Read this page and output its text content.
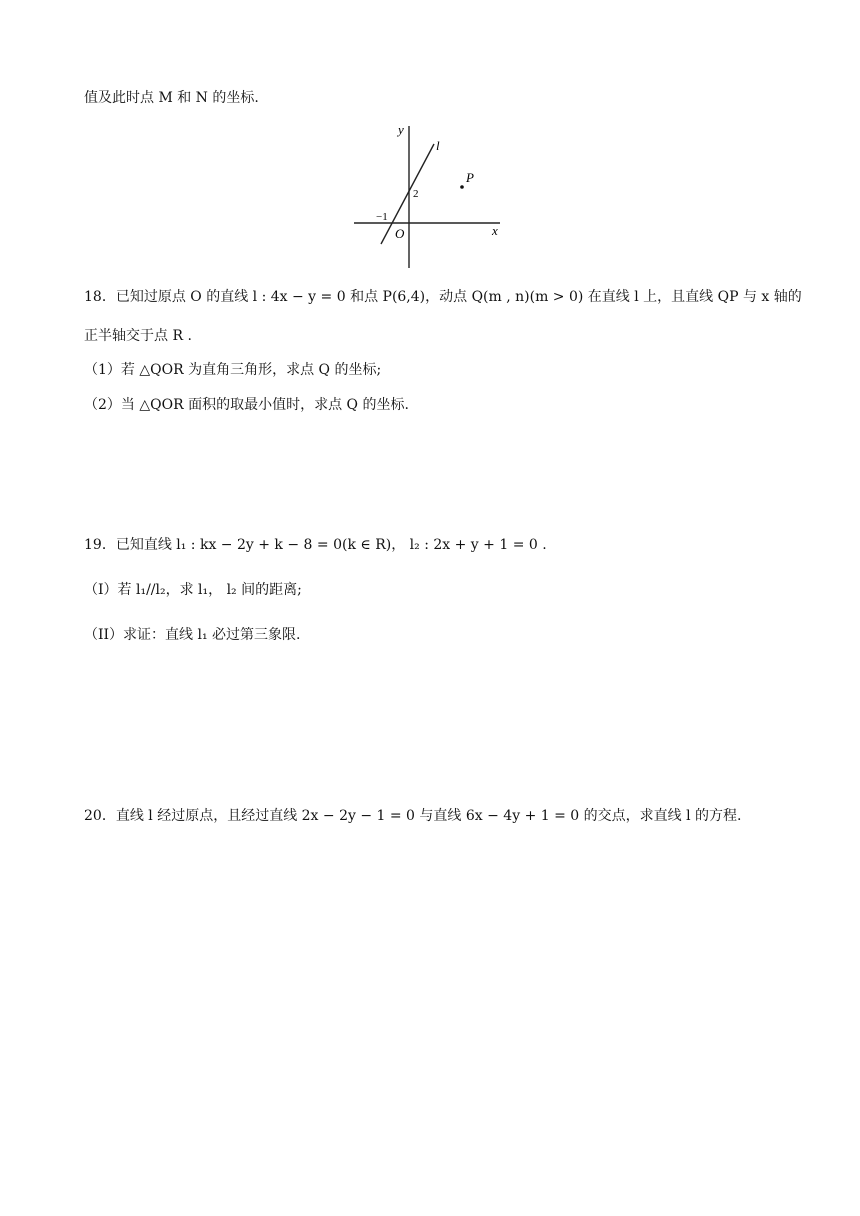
值及此时点 M 和 N 的坐标.
y
l
P
2
−1
O	x
18．已知过原点 O 的直线 l : 4x − y = 0 和点 P(6,4)，动点 Q(m , n)(m > 0) 在直线 l 上，且直线 QP 与 x 轴的
正半轴交于点 R .
（1）若 △QOR 为直角三角形，求点 Q 的坐标;
（2）当 △QOR 面积的取最小值时，求点 Q 的坐标.
19．已知直线 l₁ : kx − 2y + k − 8 = 0(k ∈ R)， l₂ : 2x + y + 1 = 0 .
（I）若 l₁//l₂，求 l₁， l₂ 间的距离;
（II）求证：直线 l₁ 必过第三象限.
20．直线 l 经过原点，且经过直线 2x − 2y − 1 = 0 与直线 6x − 4y + 1 = 0 的交点，求直线 l 的方程.
